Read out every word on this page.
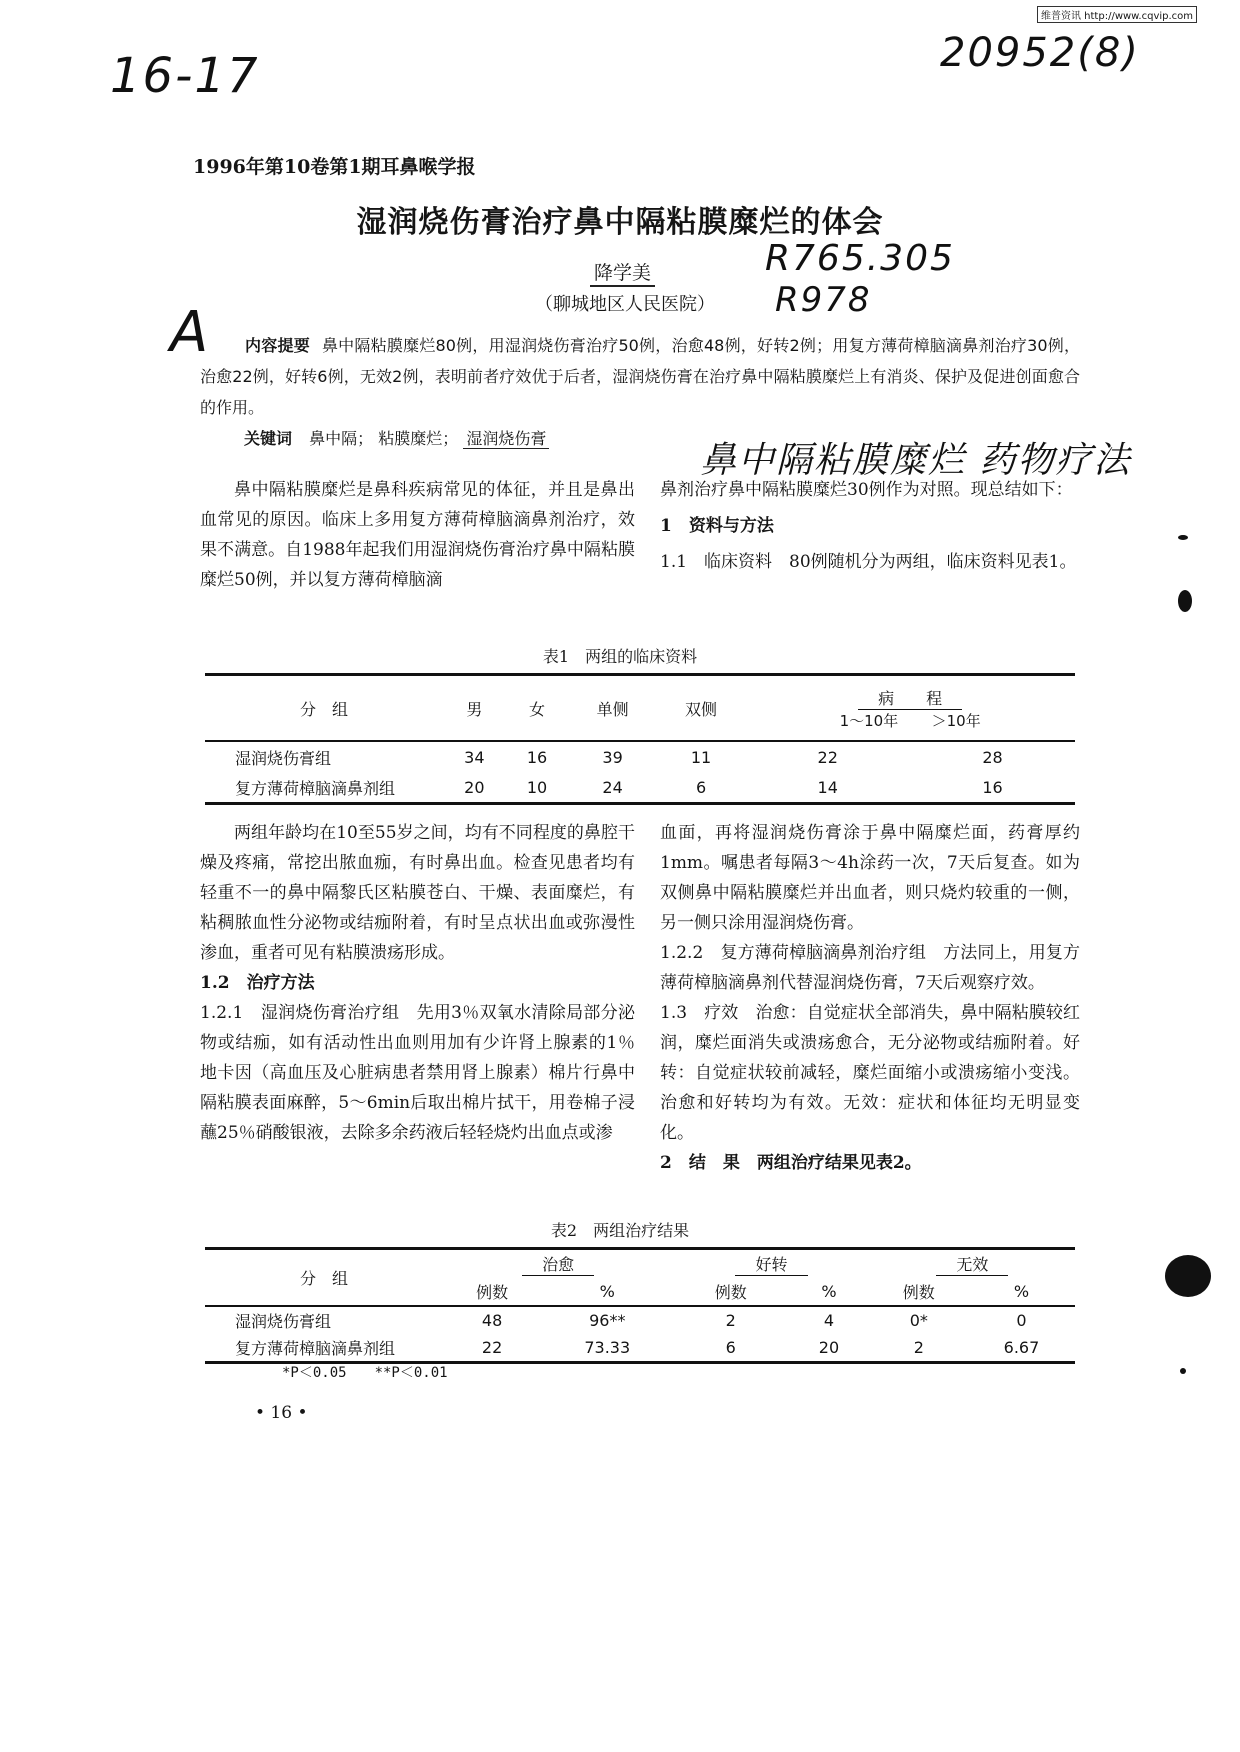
维普资讯 http://www.cqvip.com
16-17	20952(8)
R765.305
R978
A
鼻中隔粘膜糜烂 药物疗法
1996年第10卷第1期耳鼻喉学报
湿润烧伤膏治疗鼻中隔粘膜糜烂的体会
降学美
（聊城地区人民医院）
内容提要 鼻中隔粘膜糜烂80例，用湿润烧伤膏治疗50例，治愈48例，好转2例；用复方薄荷樟脑滴鼻剂治疗30例，治愈22例，好转6例，无效2例，表明前者疗效优于后者，湿润烧伤膏在治疗鼻中隔粘膜糜烂上有消炎、保护及促进创面愈合的作用。
关键词 鼻中隔； 粘膜糜烂； 湿润烧伤膏

鼻中隔粘膜糜烂是鼻科疾病常见的体征，并且是鼻出血常见的原因。临床上多用复方薄荷樟脑滴鼻剂治疗，效果不满意。自1988年起我们用湿润烧伤膏治疗鼻中隔粘膜糜烂50例，并以复方薄荷樟脑滴

鼻剂治疗鼻中隔粘膜糜烂30例作为对照。现总结如下：

1　资料与方法

1.1　临床资料　80例随机分为两组，临床资料见表1。

表1　两组的临床资料
分　组	男	女	单侧	双侧	病　　程
1～10年 ＞10年	

湿润烧伤膏组	34	16	39	11	22	28
复方薄荷樟脑滴鼻剂组	20	10	24	6	14	16

两组年龄均在10至55岁之间，均有不同程度的鼻腔干燥及疼痛，常挖出脓血痂，有时鼻出血。检查见患者均有轻重不一的鼻中隔黎氏区粘膜苍白、干燥、表面糜烂，有粘稠脓血性分泌物或结痂附着，有时呈点状出血或弥漫性渗血，重者可见有粘膜溃疡形成。

1.2　治疗方法

1.2.1　湿润烧伤膏治疗组　先用3％双氧水清除局部分泌物或结痂，如有活动性出血则用加有少许肾上腺素的1％地卡因（高血压及心脏病患者禁用肾上腺素）棉片行鼻中隔粘膜表面麻醉，5～6min后取出棉片拭干，用卷棉子浸蘸25％硝酸银液，去除多余药液后轻轻烧灼出血点或渗

血面，再将湿润烧伤膏涂于鼻中隔糜烂面，药膏厚约1mm。嘱患者每隔3～4h涂药一次，7天后复查。如为双侧鼻中隔粘膜糜烂并出血者，则只烧灼较重的一侧，另一侧只涂用湿润烧伤膏。

1.2.2　复方薄荷樟脑滴鼻剂治疗组　方法同上，用复方薄荷樟脑滴鼻剂代替湿润烧伤膏，7天后观察疗效。

1.3　疗效　治愈：自觉症状全部消失，鼻中隔粘膜较红润，糜烂面消失或溃疡愈合，无分泌物或结痂附着。好转：自觉症状较前减轻，糜烂面缩小或溃疡缩小变浅。治愈和好转均为有效。无效：症状和体征均无明显变化。

2　结　果　两组治疗结果见表2。

表2　两组治疗结果
分　组	治愈		好转		无效	
	例数	%	例数	%	例数	%
湿润烧伤膏组	48	96**	2	4	0*	0
复方薄荷樟脑滴鼻剂组	22	73.33	6	20	2	6.67
*P＜0.05　　**P＜0.01
• 16 •
